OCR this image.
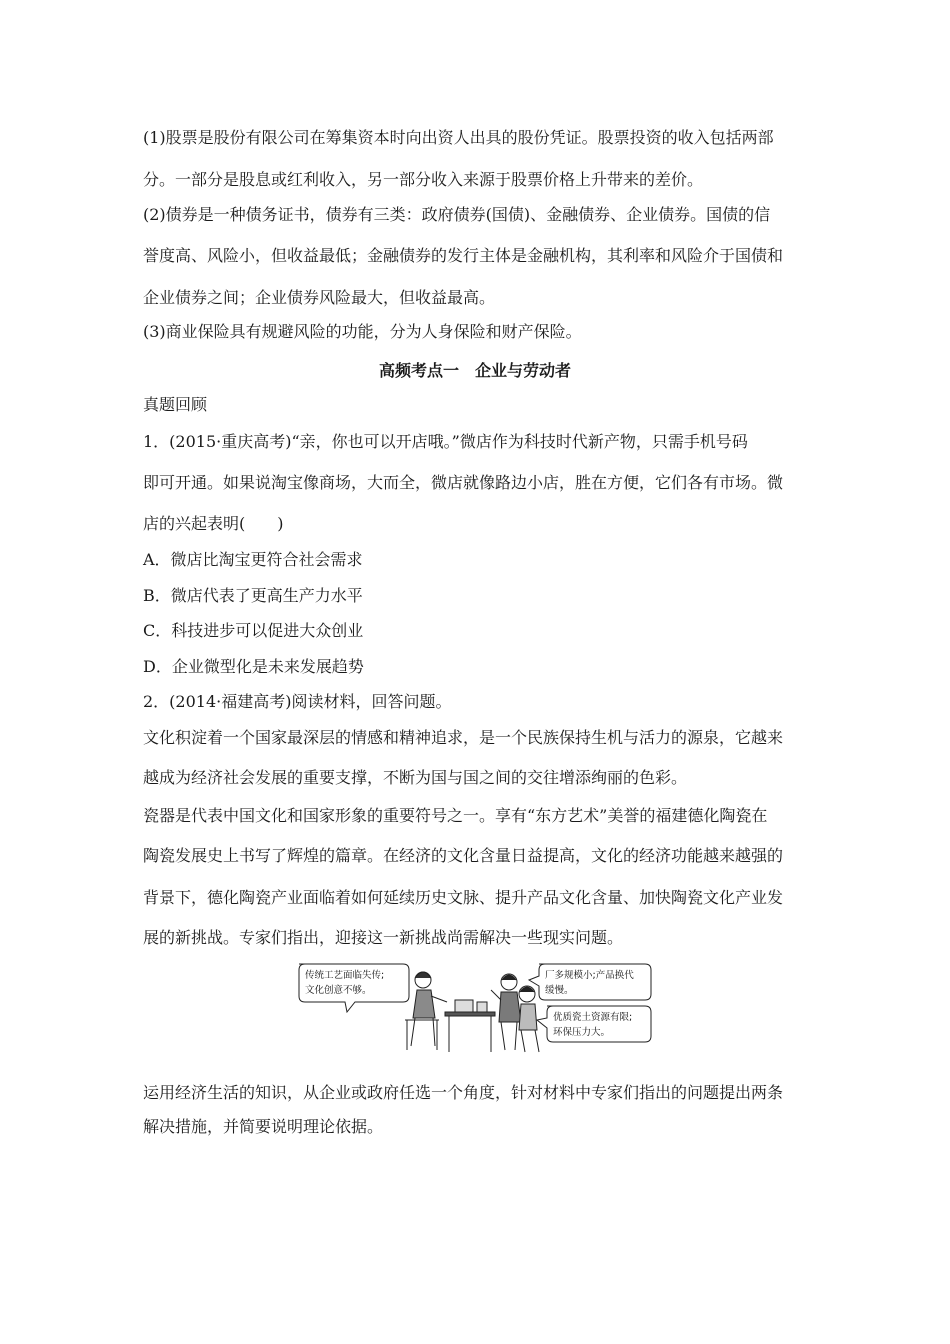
(1)股票是股份有限公司在筹集资本时向出资人出具的股份凭证。股票投资的收入包括两部
分。一部分是股息或红利收入，另一部分收入来源于股票价格上升带来的差价。
(2)债券是一种债务证书，债券有三类：政府债券(国债)、金融债券、企业债券。国债的信
誉度高、风险小，但收益最低；金融债券的发行主体是金融机构，其利率和风险介于国债和
企业债券之间；企业债券风险最大，但收益最高。
(3)商业保险具有规避风险的功能，分为人身保险和财产保险。
高频考点一　企业与劳动者
真题回顾
1．(2015·重庆高考)“亲，你也可以开店哦。”微店作为科技时代新产物，只需手机号码
即可开通。如果说淘宝像商场，大而全，微店就像路边小店，胜在方便，它们各有市场。微
店的兴起表明(　　)
A．微店比淘宝更符合社会需求
B．微店代表了更高生产力水平
C．科技进步可以促进大众创业
D．企业微型化是未来发展趋势
2．(2014·福建高考)阅读材料，回答问题。
文化积淀着一个国家最深层的情感和精神追求，是一个民族保持生机与活力的源泉，它越来
越成为经济社会发展的重要支撑，不断为国与国之间的交往增添绚丽的色彩。
瓷器是代表中国文化和国家形象的重要符号之一。享有“东方艺术”美誉的福建德化陶瓷在
陶瓷发展史上书写了辉煌的篇章。在经济的文化含量日益提高，文化的经济功能越来越强的
背景下，德化陶瓷产业面临着如何延续历史文脉、提升产品文化含量、加快陶瓷文化产业发
展的新挑战。专家们指出，迎接这一新挑战尚需解决一些现实问题。
传统工艺面临失传;
文化创意不够。
厂多规模小;产品换代
缓慢。
优质瓷土资源有限;
环保压力大。
运用经济生活的知识，从企业或政府任选一个角度，针对材料中专家们指出的问题提出两条
解决措施，并简要说明理论依据。
